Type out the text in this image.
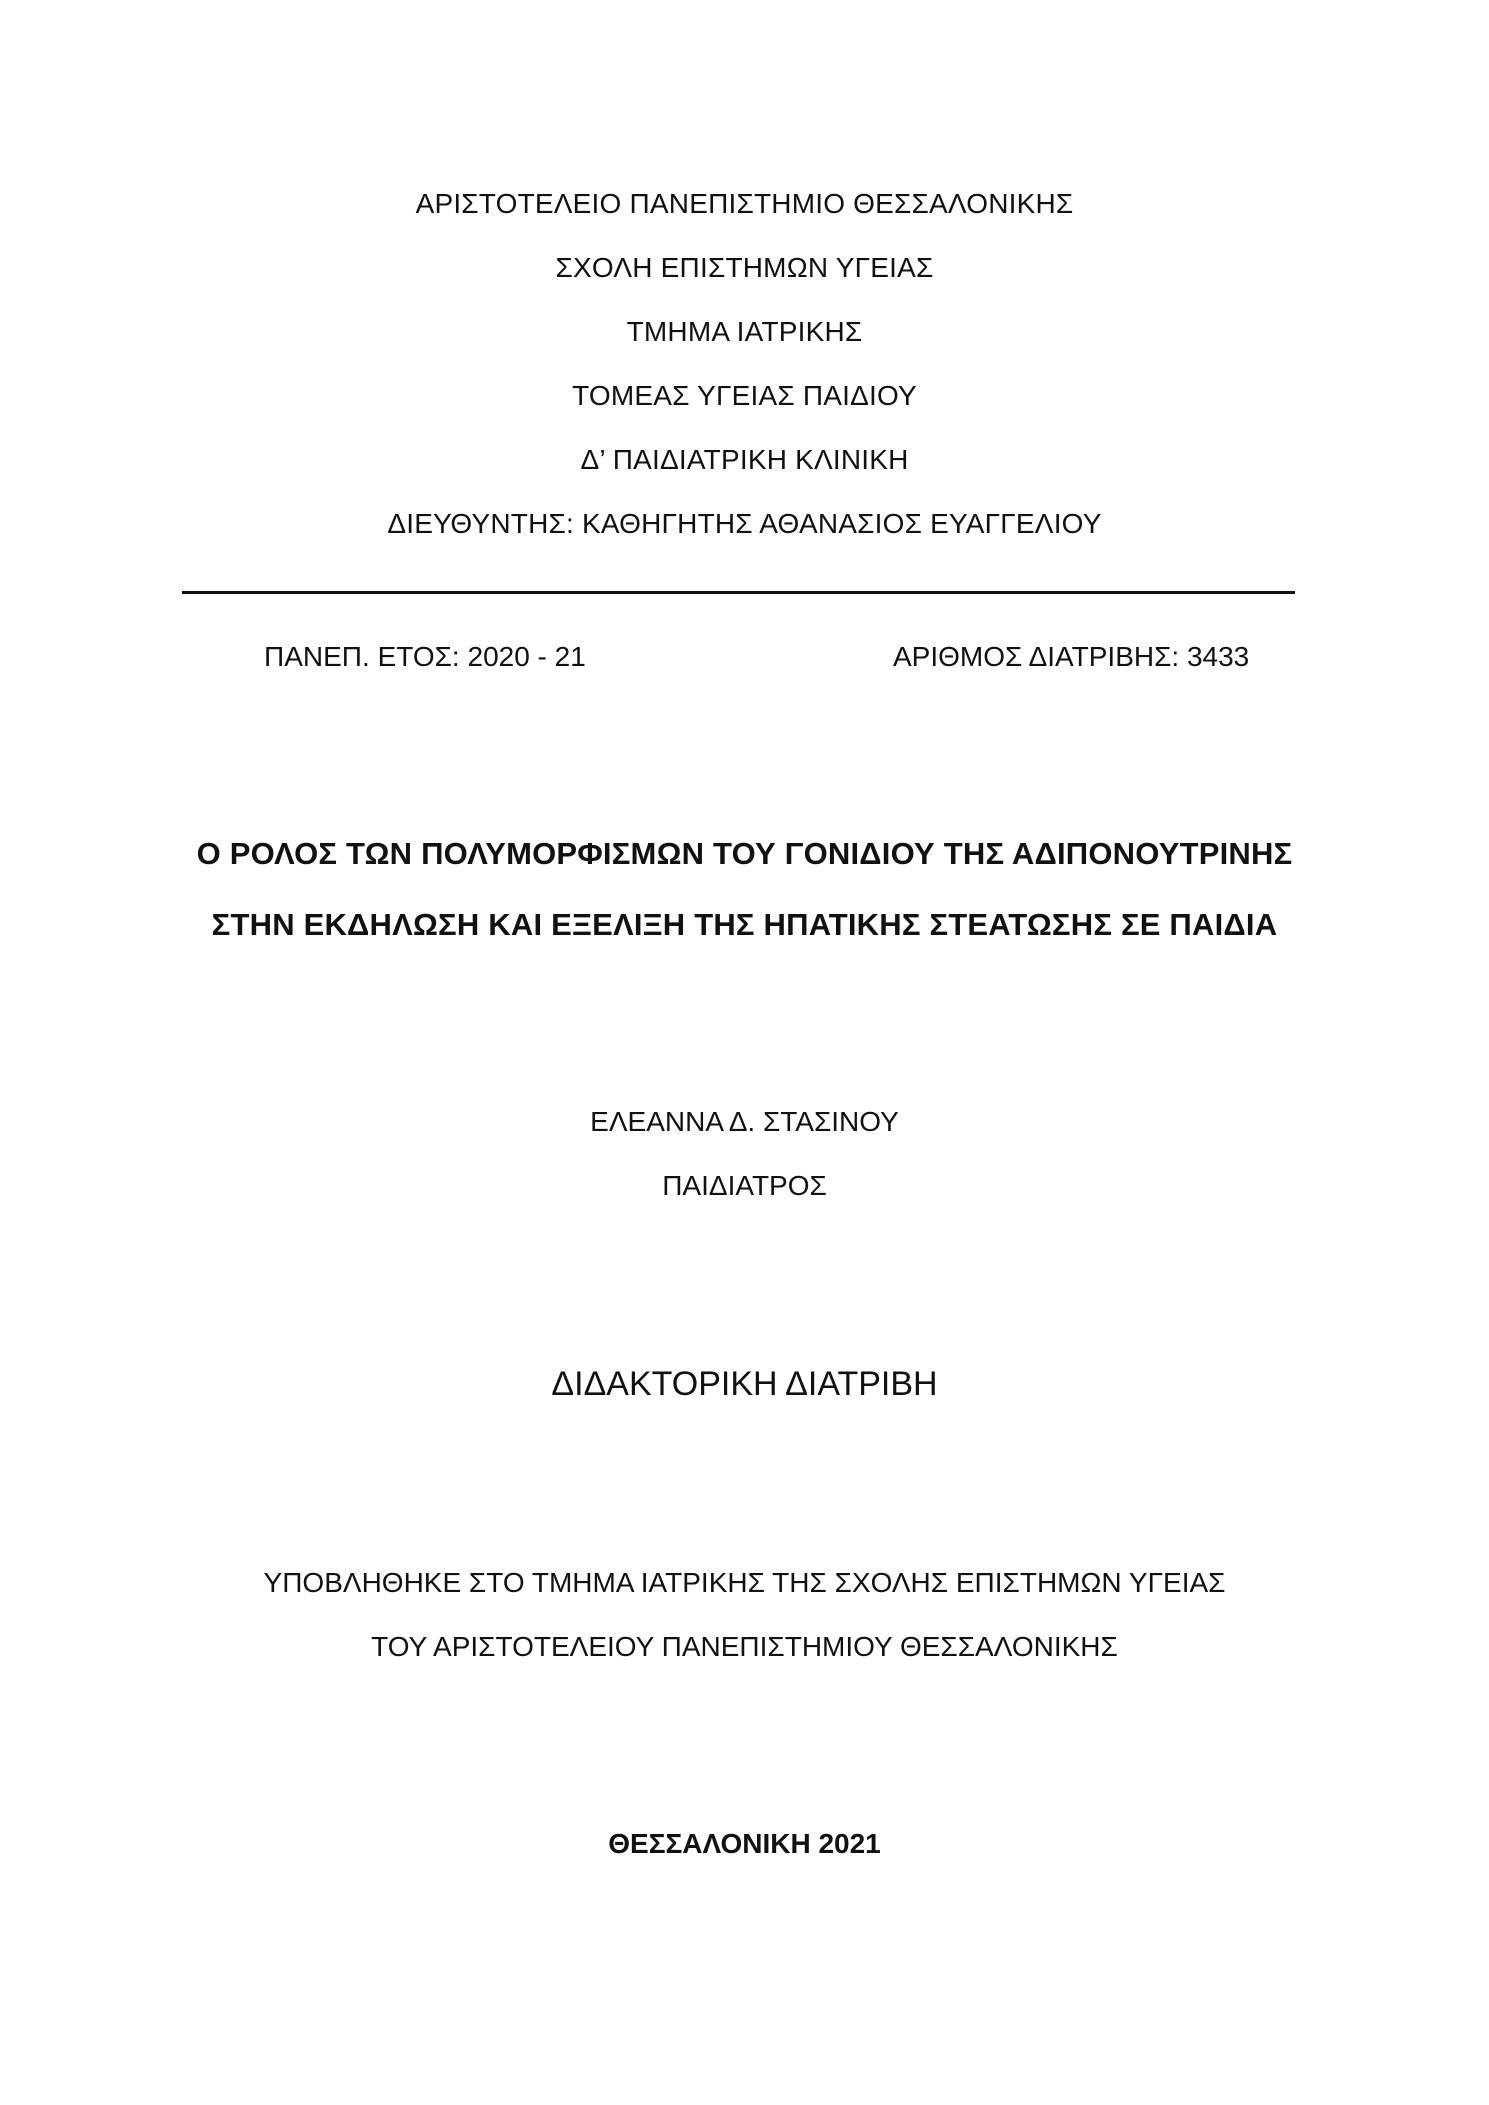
ΑΡΙΣΤΟΤΕΛΕΙΟ ΠΑΝΕΠΙΣΤΗΜΙΟ ΘΕΣΣΑΛΟΝΙΚΗΣ
ΣΧΟΛΗ ΕΠΙΣΤΗΜΩΝ ΥΓΕΙΑΣ
ΤΜΗΜΑ ΙΑΤΡΙΚΗΣ
ΤΟΜΕΑΣ ΥΓΕΙΑΣ ΠΑΙΔΙΟΥ
Δ’ ΠΑΙΔΙΑΤΡΙΚΗ ΚΛΙΝΙΚΗ
ΔΙΕΥΘΥΝΤΗΣ: ΚΑΘΗΓΗΤΗΣ ΑΘΑΝΑΣΙΟΣ ΕΥΑΓΓΕΛΙΟΥ
ΠΑΝΕΠ. ΕΤΟΣ: 2020 - 21	ΑΡΙΘΜΟΣ ΔΙΑΤΡΙΒΗΣ: 3433
Ο ΡΟΛΟΣ ΤΩΝ ΠΟΛΥΜΟΡΦΙΣΜΩΝ ΤΟΥ ΓΟΝΙΔΙΟΥ ΤΗΣ ΑΔΙΠΟΝΟΥΤΡΙΝΗΣ
ΣΤΗΝ ΕΚΔΗΛΩΣΗ ΚΑΙ ΕΞΕΛΙΞΗ ΤΗΣ ΗΠΑΤΙΚΗΣ ΣΤΕΑΤΩΣΗΣ ΣΕ ΠΑΙΔΙΑ
ΕΛΕΑΝΝΑ Δ. ΣΤΑΣΙΝΟΥ
ΠΑΙΔΙΑΤΡΟΣ
ΔΙΔΑΚΤΟΡΙΚΗ ΔΙΑΤΡΙΒΗ
ΥΠΟΒΛΗΘΗΚΕ ΣΤΟ ΤΜΗΜΑ ΙΑΤΡΙΚΗΣ ΤΗΣ ΣΧΟΛΗΣ ΕΠΙΣΤΗΜΩΝ ΥΓΕΙΑΣ
ΤΟΥ ΑΡΙΣΤΟΤΕΛΕΙΟΥ ΠΑΝΕΠΙΣΤΗΜΙΟΥ ΘΕΣΣΑΛΟΝΙΚΗΣ
ΘΕΣΣΑΛΟΝΙΚΗ 2021
